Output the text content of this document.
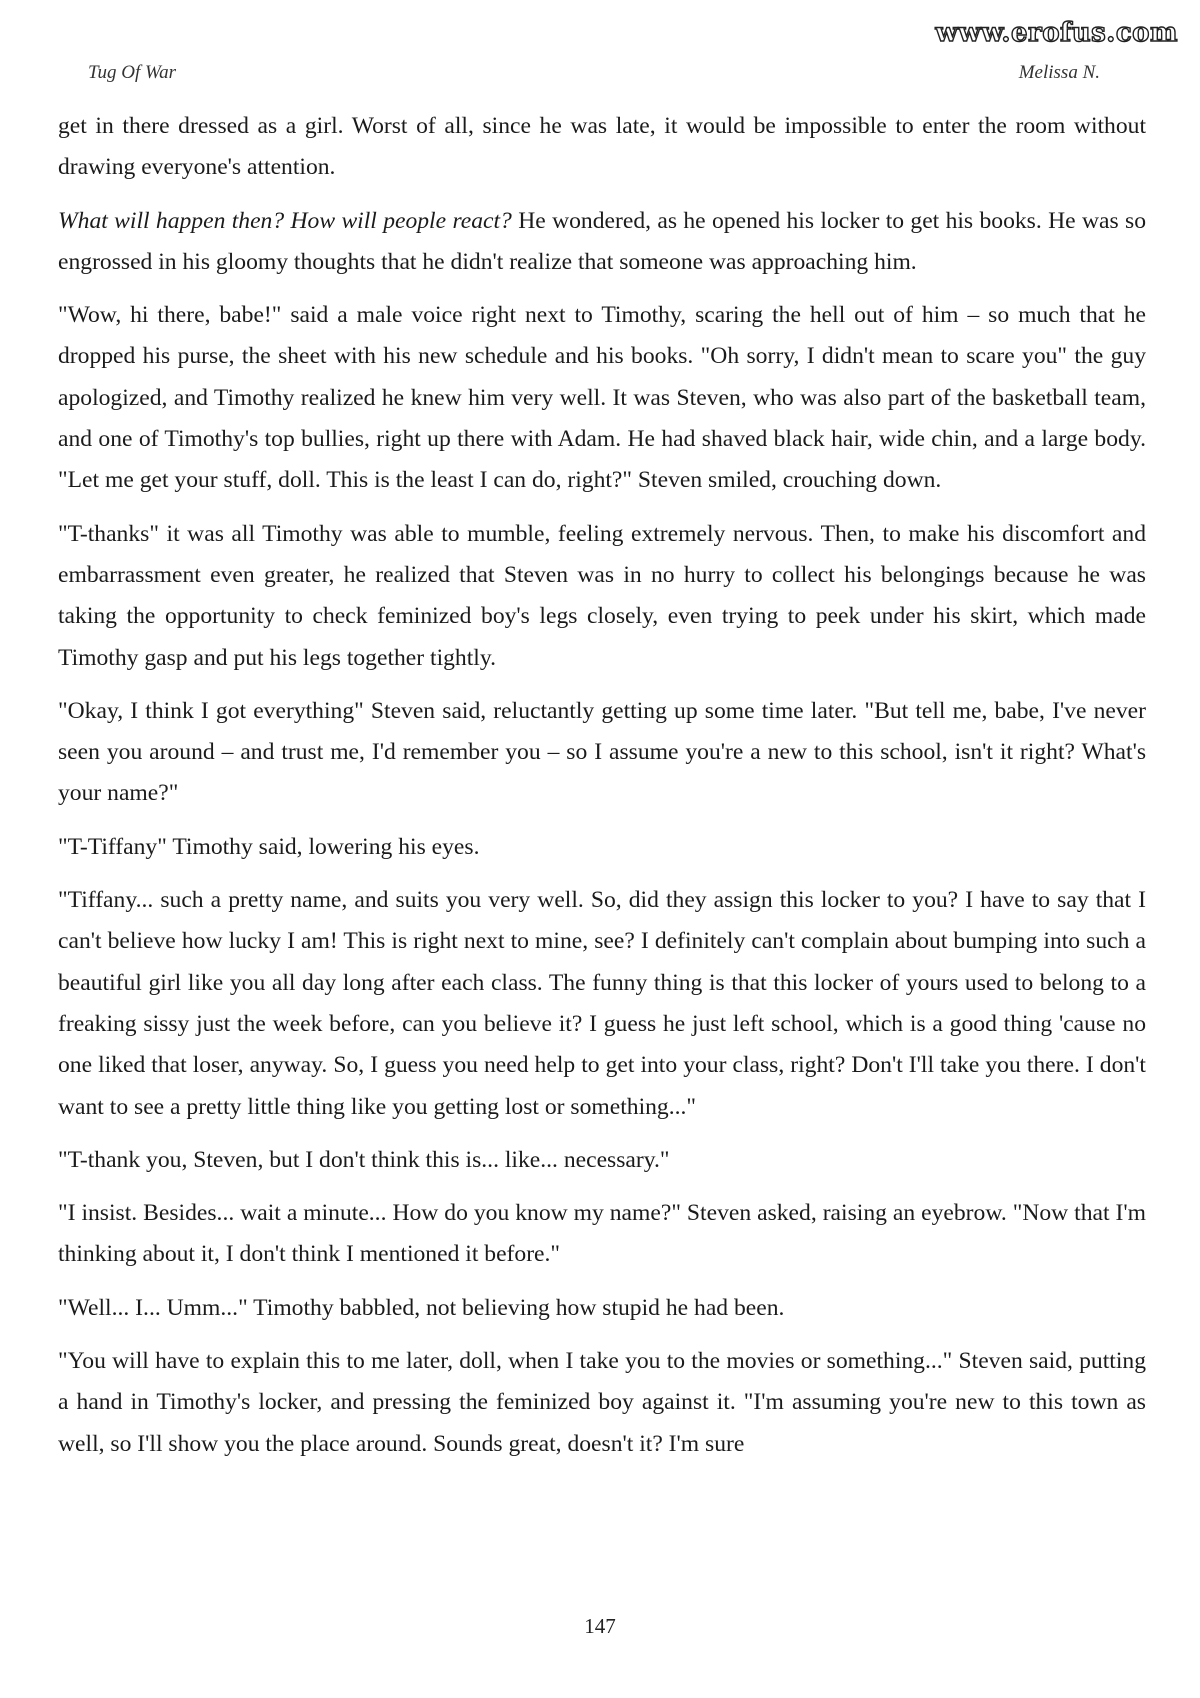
www.erofus.com
Tug Of War	Melissa N.

get in there dressed as a girl. Worst of all, since he was late, it would be impossible to enter the room without drawing everyone's attention.

What will happen then? How will people react? He wondered, as he opened his locker to get his books. He was so engrossed in his gloomy thoughts that he didn't realize that someone was approaching him.

"Wow, hi there, babe!" said a male voice right next to Timothy, scaring the hell out of him – so much that he dropped his purse, the sheet with his new schedule and his books. "Oh sorry, I didn't mean to scare you" the guy apologized, and Timothy realized he knew him very well. It was Steven, who was also part of the basketball team, and one of Timothy's top bullies, right up there with Adam. He had shaved black hair, wide chin, and a large body. "Let me get your stuff, doll. This is the least I can do, right?" Steven smiled, crouching down.

"T-thanks" it was all Timothy was able to mumble, feeling extremely nervous. Then, to make his discomfort and embarrassment even greater, he realized that Steven was in no hurry to collect his belongings because he was taking the opportunity to check feminized boy's legs closely, even trying to peek under his skirt, which made Timothy gasp and put his legs together tightly.

"Okay, I think I got everything" Steven said, reluctantly getting up some time later. "But tell me, babe, I've never seen you around – and trust me, I'd remember you – so I assume you're a new to this school, isn't it right? What's your name?"

"T-Tiffany" Timothy said, lowering his eyes.

"Tiffany... such a pretty name, and suits you very well. So, did they assign this locker to you? I have to say that I can't believe how lucky I am! This is right next to mine, see? I definitely can't complain about bumping into such a beautiful girl like you all day long after each class. The funny thing is that this locker of yours used to belong to a freaking sissy just the week before, can you believe it? I guess he just left school, which is a good thing 'cause no one liked that loser, anyway. So, I guess you need help to get into your class, right? Don't I'll take you there. I don't want to see a pretty little thing like you getting lost or something..."

"T-thank you, Steven, but I don't think this is... like... necessary."

"I insist. Besides... wait a minute... How do you know my name?" Steven asked, raising an eyebrow. "Now that I'm thinking about it, I don't think I mentioned it before."

"Well... I... Umm..." Timothy babbled, not believing how stupid he had been.

"You will have to explain this to me later, doll, when I take you to the movies or something..." Steven said, putting a hand in Timothy's locker, and pressing the feminized boy against it. "I'm assuming you're new to this town as well, so I'll show you the place around. Sounds great, doesn't it? I'm sure

147
